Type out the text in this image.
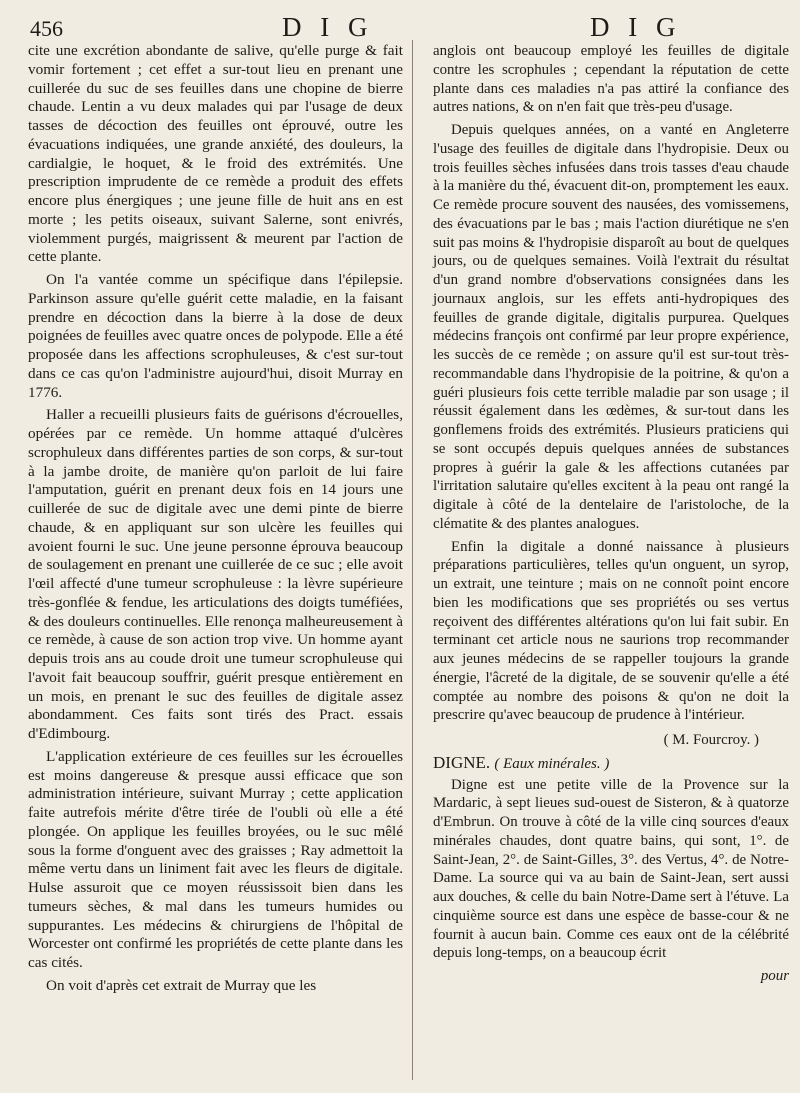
456	D I G	D I G

cite une excrétion abondante de salive, qu'elle purge & fait vomir fortement ; cet effet a sur-tout lieu en prenant une cuillerée du suc de ses feuilles dans une chopine de bierre chaude. Lentin a vu deux malades qui par l'usage de deux tasses de décoction des feuilles ont éprouvé, outre les évacuations indiquées, une grande anxiété, des douleurs, la cardialgie, le hoquet, & le froid des extrémités. Une prescription imprudente de ce remède a produit des effets encore plus énergiques ; une jeune fille de huit ans en est morte ; les petits oiseaux, suivant Salerne, sont enivrés, violemment purgés, maigrissent & meurent par l'action de cette plante.

On l'a vantée comme un spécifique dans l'épilepsie. Parkinson assure qu'elle guérit cette maladie, en la faisant prendre en décoction dans la bierre à la dose de deux poignées de feuilles avec quatre onces de polypode. Elle a été proposée dans les affections scrophuleuses, & c'est sur-tout dans ce cas qu'on l'administre aujourd'hui, disoit Murray en 1776.

Haller a recueilli plusieurs faits de guérisons d'écrouelles, opérées par ce remède. Un homme attaqué d'ulcères scrophuleux dans différentes parties de son corps, & sur-tout à la jambe droite, de manière qu'on parloit de lui faire l'amputation, guérit en prenant deux fois en 14 jours une cuillerée de suc de digitale avec une demi pinte de bierre chaude, & en appliquant sur son ulcère les feuilles qui avoient fourni le suc. Une jeune personne éprouva beaucoup de soulagement en prenant une cuillerée de ce suc ; elle avoit l'œil affecté d'une tumeur scrophuleuse : la lèvre supérieure très-gonflée & fendue, les articulations des doigts tuméfiées, & des douleurs continuelles. Elle renonça malheureusement à ce remède, à cause de son action trop vive. Un homme ayant depuis trois ans au coude droit une tumeur scrophuleuse qui l'avoit fait beaucoup souffrir, guérit presque entièrement en un mois, en prenant le suc des feuilles de digitale assez abondamment. Ces faits sont tirés des Pract. essais d'Edimbourg.

L'application extérieure de ces feuilles sur les écrouelles est moins dangereuse & presque aussi efficace que son administration intérieure, suivant Murray ; cette application faite autrefois mérite d'être tirée de l'oubli où elle a été plongée. On applique les feuilles broyées, ou le suc mêlé sous la forme d'onguent avec des graisses ; Ray admettoit la même vertu dans un liniment fait avec les fleurs de digitale. Hulse assuroit que ce moyen réussissoit bien dans les tumeurs sèches, & mal dans les tumeurs humides ou suppurantes. Les médecins & chirurgiens de l'hôpital de Worcester ont confirmé les propriétés de cette plante dans les cas cités.

On voit d'après cet extrait de Murray que les

anglois ont beaucoup employé les feuilles de digitale contre les scrophules ; cependant la réputation de cette plante dans ces maladies n'a pas attiré la confiance des autres nations, & on n'en fait que très-peu d'usage.

Depuis quelques années, on a vanté en Angleterre l'usage des feuilles de digitale dans l'hydropisie. Deux ou trois feuilles sèches infusées dans trois tasses d'eau chaude à la manière du thé, évacuent dit-on, promptement les eaux. Ce remède procure souvent des nausées, des vomissemens, des évacuations par le bas ; mais l'action diurétique ne s'en suit pas moins & l'hydropisie disparoît au bout de quelques jours, ou de quelques semaines. Voilà l'extrait du résultat d'un grand nombre d'observations consignées dans les journaux anglois, sur les effets anti-hydropiques des feuilles de grande digitale, digitalis purpurea. Quelques médecins françois ont confirmé par leur propre expérience, les succès de ce remède ; on assure qu'il est sur-tout très-recommandable dans l'hydropisie de la poitrine, & qu'on a guéri plusieurs fois cette terrible maladie par son usage ; il réussit également dans les œdèmes, & sur-tout dans les gonflemens froids des extrémités. Plusieurs praticiens qui se sont occupés depuis quelques années de substances propres à guérir la gale & les affections cutanées par l'irritation salutaire qu'elles excitent à la peau ont rangé la digitale à côté de la dentelaire de l'aristoloche, de la clématite & des plantes analogues.

Enfin la digitale a donné naissance à plusieurs préparations particulières, telles qu'un onguent, un syrop, un extrait, une teinture ; mais on ne connoît point encore bien les modifications que ses propriétés ou ses vertus reçoivent des différentes altérations qu'on lui fait subir. En terminant cet article nous ne saurions trop recommander aux jeunes médecins de se rappeller toujours la grande énergie, l'âcreté de la digitale, de se souvenir qu'elle a été comptée au nombre des poisons & qu'on ne doit la prescrire qu'avec beaucoup de prudence à l'intérieur.

( M. Fourcroy. )

DIGNE. ( Eaux minérales. )

Digne est une petite ville de la Provence sur la Mardaric, à sept lieues sud-ouest de Sisteron, & à quatorze d'Embrun. On trouve à côté de la ville cinq sources d'eaux minérales chaudes, dont quatre bains, qui sont, 1°. de Saint-Jean, 2°. de Saint-Gilles, 3°. des Vertus, 4°. de Notre-Dame. La source qui va au bain de Saint-Jean, sert aussi aux douches, & celle du bain Notre-Dame sert à l'étuve. La cinquième source est dans une espèce de basse-cour & ne fournit à aucun bain. Comme ces eaux ont de la célébrité depuis long-temps, on a beaucoup écrit

pour
